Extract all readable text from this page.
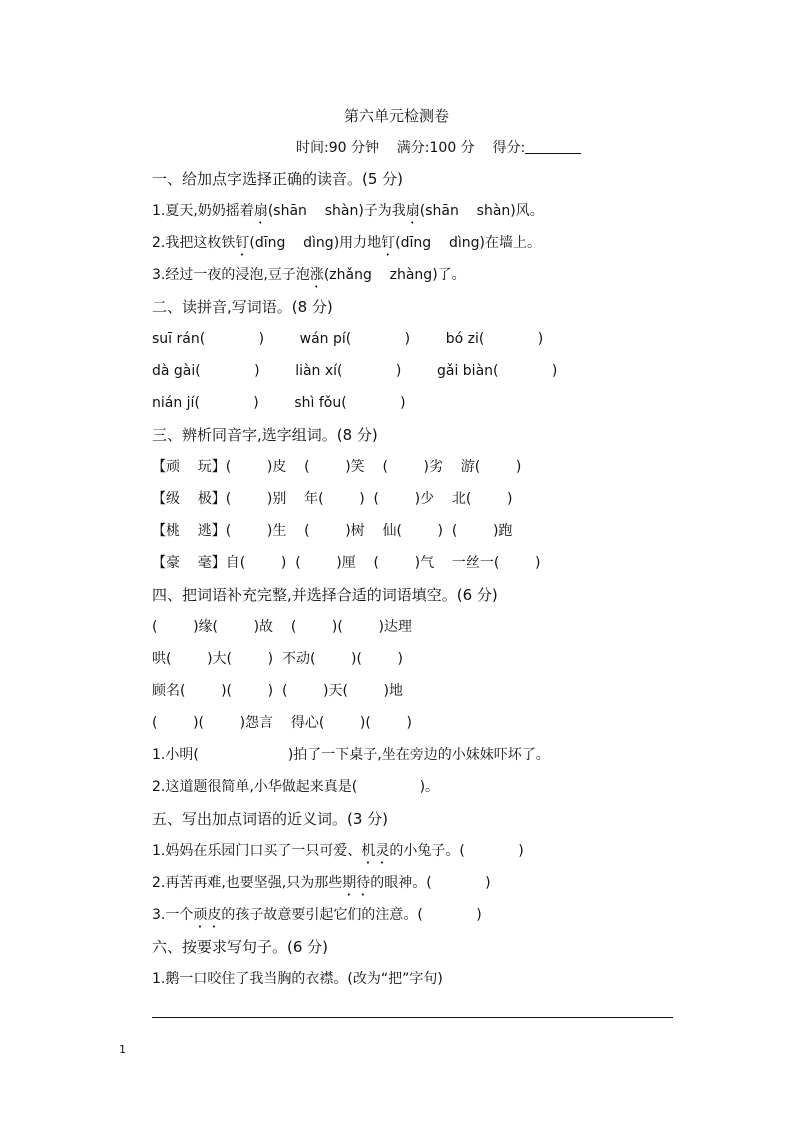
第六单元检测卷
时间:90 分钟    满分:100 分    得分:
一、给加点字选择正确的读音。(5 分)
1.夏天,奶奶摇着扇(shān    shàn)子为我扇(shān    shàn)风。
2.我把这枚铁钉(dīng    dìng)用力地钉(dīng    dìng)在墙上。
3.经过一夜的浸泡,豆子泡涨(zhǎng    zhàng)了。
二、读拼音,写词语。(8 分)
suī rán(            )        wán pí(            )        bó zi(            )
dà gài(            )        liàn xí(            )        gǎi biàn(            )
nián jí(            )        shì fǒu(            )
三、辨析同音字,选字组词。(8 分)
【顽    玩】(        )皮    (        )笑    (        )劣    游(        )
【级    极】(        )别    年(        )  (        )少    北(        )
【桃    逃】(        )生    (        )树    仙(        )  (        )跑
【豪    毫】自(        )  (        )厘    (        )气    一丝一(        )
四、把词语补充完整,并选择合适的词语填空。(6 分)
(        )缘(        )故    (        )(        )达理
哄(        )大(        )  不动(        )(        )
顾名(        )(        )  (        )天(        )地
(        )(        )怨言    得心(        )(        )
1.小明(                    )拍了一下桌子,坐在旁边的小妹妹吓坏了。
2.这道题很简单,小华做起来真是(              )。
五、写出加点词语的近义词。(3 分)
1.妈妈在乐园门口买了一只可爱、机灵的小兔子。(            )
2.再苦再难,也要坚强,只为那些期待的眼神。(            )
3.一个顽皮的孩子故意要引起它们的注意。(            )
六、按要求写句子。(6 分)
1.鹅一口咬住了我当胸的衣襟。(改为“把”字句)
1
